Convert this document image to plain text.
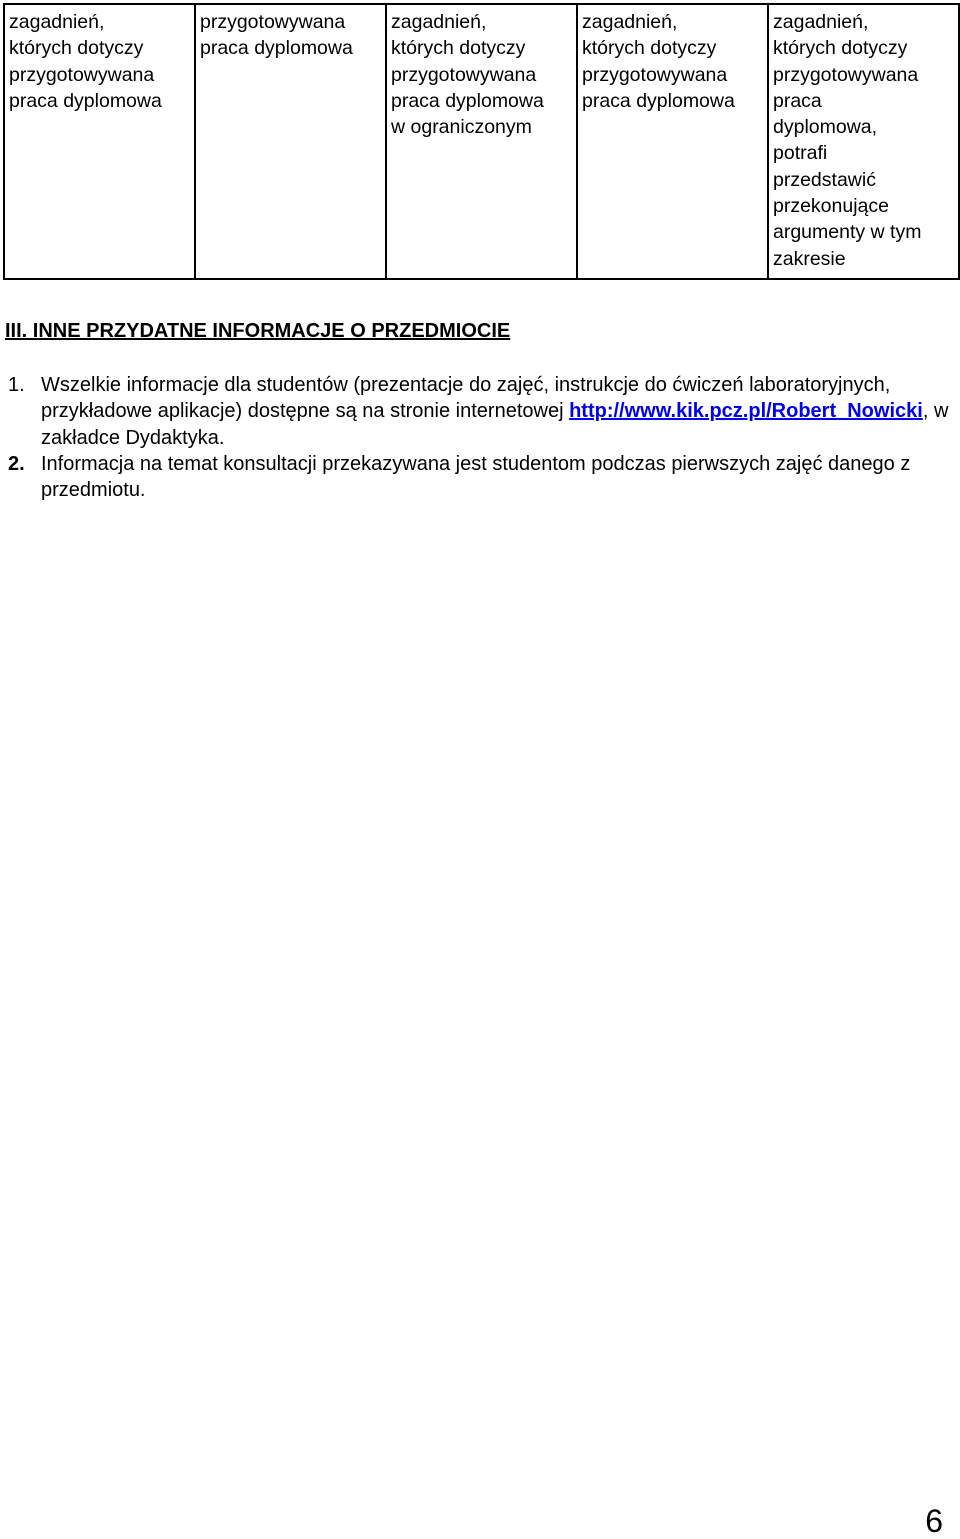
zagadnień,
których dotyczy
przygotowywana
praca dyplomowa

przygotowywana
praca dyplomowa

zagadnień,
których dotyczy
przygotowywana
praca dyplomowa
w ograniczonym

zagadnień,
których dotyczy
przygotowywana
praca dyplomowa

zagadnień,
których dotyczy
przygotowywana
praca
dyplomowa,
potrafi
przedstawić
przekonujące
argumenty w tym
zakresie
III. INNE PRZYDATNE INFORMACJE O PRZEDMIOCIE
1. Wszelkie informacje dla studentów (prezentacje do zajęć, instrukcje do ćwiczeń laboratoryjnych, przykładowe aplikacje) dostępne są na stronie internetowej http://www.kik.pcz.pl/Robert_Nowicki, w zakładce Dydaktyka.
2. Informacja na temat konsultacji przekazywana jest studentom podczas pierwszych zajęć danego z przedmiotu.
6
